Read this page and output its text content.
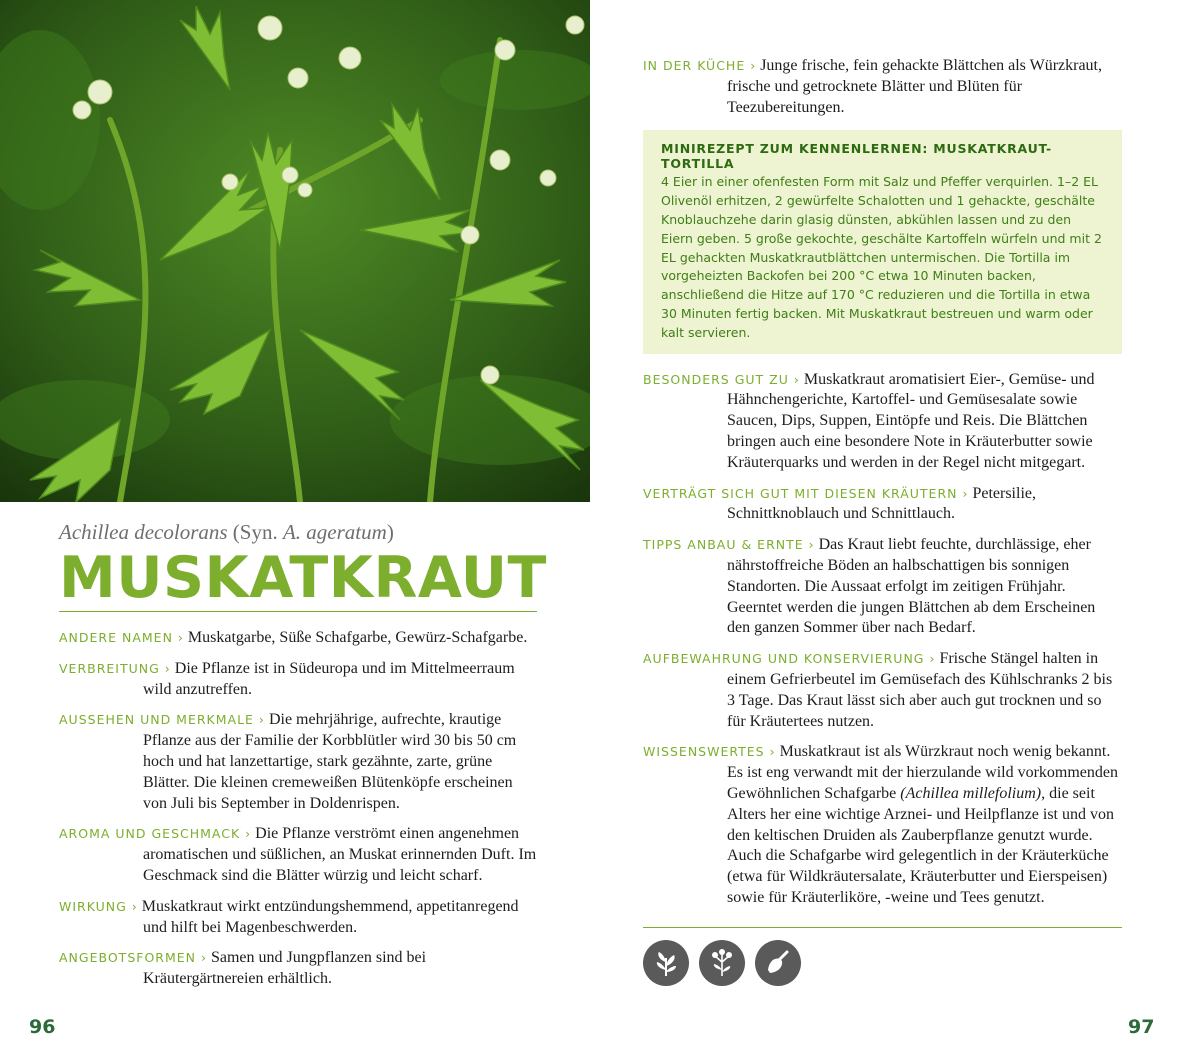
Achillea decolorans (Syn. A. ageratum)

MUSKATKRAUT

ANDERE NAMEN › Muskatgarbe, Süße Schafgarbe, Gewürz-Schafgarbe.

VERBREITUNG › Die Pflanze ist in Südeuropa und im Mittelmeerraum wild anzutreffen.

AUSSEHEN UND MERKMALE › Die mehrjährige, aufrechte, krautige Pflanze aus der Familie der Korbblütler wird 30 bis 50 cm hoch und hat lanzettartige, stark gezähnte, zarte, grüne Blätter. Die kleinen cremeweißen Blütenköpfe erscheinen von Juli bis September in Doldenrispen.

AROMA UND GESCHMACK › Die Pflanze verströmt einen angenehmen aromatischen und süßlichen, an Muskat erinnernden Duft. Im Geschmack sind die Blätter würzig und leicht scharf.

WIRKUNG › Muskatkraut wirkt entzündungshemmend, appetitanregend und hilft bei Magenbeschwerden.

ANGEBOTSFORMEN › Samen und Jungpflanzen sind bei Kräutergärtnereien erhältlich.

IN DER KÜCHE › Junge frische, fein gehackte Blättchen als Würzkraut, frische und getrocknete Blätter und Blüten für Teezubereitungen.

MINIREZEPT ZUM KENNENLERNEN: MUSKATKRAUT-TORTILLA
4 Eier in einer ofenfesten Form mit Salz und Pfeffer verquirlen. 1–2 EL Olivenöl erhitzen, 2 gewürfelte Schalotten und 1 gehackte, geschälte Knoblauchzehe darin glasig dünsten, abkühlen lassen und zu den Eiern geben. 5 große gekochte, geschälte Kartoffeln würfeln und mit 2 EL gehackten Muskatkrautblättchen untermischen. Die Tortilla im vorgeheizten Backofen bei 200 °C etwa 10 Minuten backen, anschließend die Hitze auf 170 °C reduzieren und die Tortilla in etwa 30 Minuten fertig backen. Mit Muskatkraut bestreuen und warm oder kalt servieren.

BESONDERS GUT ZU › Muskatkraut aromatisiert Eier-, Gemüse- und Hähnchengerichte, Kartoffel- und Gemüsesalate sowie Saucen, Dips, Suppen, Eintöpfe und Reis. Die Blättchen bringen auch eine besondere Note in Kräuterbutter sowie Kräuterquarks und werden in der Regel nicht mitgegart.

VERTRÄGT SICH GUT MIT DIESEN KRÄUTERN › Petersilie, Schnittknoblauch und Schnittlauch.

TIPPS ANBAU & ERNTE › Das Kraut liebt feuchte, durchlässige, eher nährstoffreiche Böden an halbschattigen bis sonnigen Standorten. Die Aussaat erfolgt im zeitigen Frühjahr. Geerntet werden die jungen Blättchen ab dem Erscheinen den ganzen Sommer über nach Bedarf.

AUFBEWAHRUNG UND KONSERVIERUNG › Frische Stängel halten in einem Gefrierbeutel im Gemüsefach des Kühlschranks 2 bis 3 Tage. Das Kraut lässt sich aber auch gut trocknen und so für Kräutertees nutzen.

WISSENSWERTES › Muskatkraut ist als Würzkraut noch wenig bekannt. Es ist eng verwandt mit der hierzulande wild vorkommenden Gewöhnlichen Schafgarbe (Achillea millefolium), die seit Alters her eine wichtige Arznei- und Heilpflanze ist und von den keltischen Druiden als Zauberpflanze genutzt wurde. Auch die Schafgarbe wird gelegentlich in der Kräuterküche (etwa für Wildkräutersalate, Kräuterbutter und Eierspeisen) sowie für Kräuterliköre, -weine und Tees genutzt.

96	97
